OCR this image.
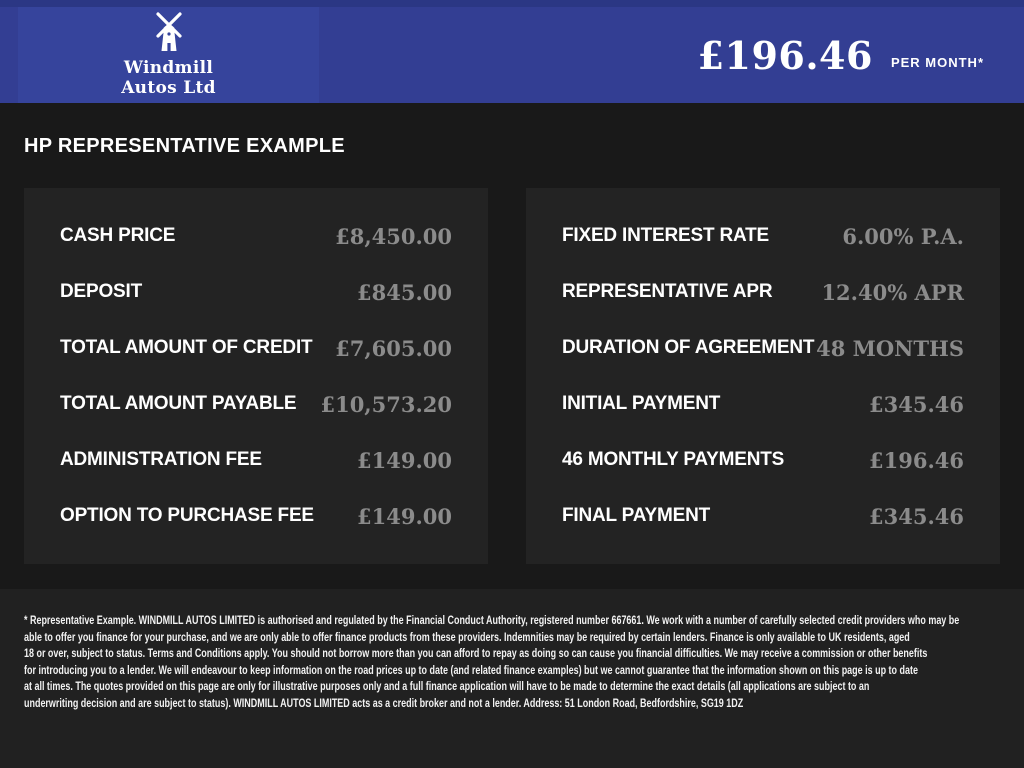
Windmill
Autos Ltd
£196.46 PER MONTH*
HP REPRESENTATIVE EXAMPLE
CASH PRICE	£8,450.00
DEPOSIT	£845.00
TOTAL AMOUNT OF CREDIT £7,605.00
TOTAL AMOUNT PAYABLE £10,573.20
ADMINISTRATION FEE	£149.00
OPTION TO PURCHASE FEE £149.00
FIXED INTEREST RATE	6.00% P.A.
REPRESENTATIVE APR 12.40% APR
DURATION OF AGREEMENT 48 MONTHS
INITIAL PAYMENT	£345.46
46 MONTHLY PAYMENTS	£196.46
FINAL PAYMENT	£345.46
* Representative Example. WINDMILL AUTOS LIMITED is authorised and regulated by the Financial Conduct Authority, registered number 667661. We work with a number of carefully selected credit providers who may be
able to offer you finance for your purchase, and we are only able to offer finance products from these providers. Indemnities may be required by certain lenders. Finance is only available to UK residents, aged
18 or over, subject to status. Terms and Conditions apply. You should not borrow more than you can afford to repay as doing so can cause you financial difficulties. We may receive a commission or other benefits
for introducing you to a lender. We will endeavour to keep information on the road prices up to date (and related finance examples) but we cannot guarantee that the information shown on this page is up to date
at all times. The quotes provided on this page are only for illustrative purposes only and a full finance application will have to be made to determine the exact details (all applications are subject to an
underwriting decision and are subject to status). WINDMILL AUTOS LIMITED acts as a credit broker and not a lender. Address: 51 London Road, Bedfordshire, SG19 1DZ
